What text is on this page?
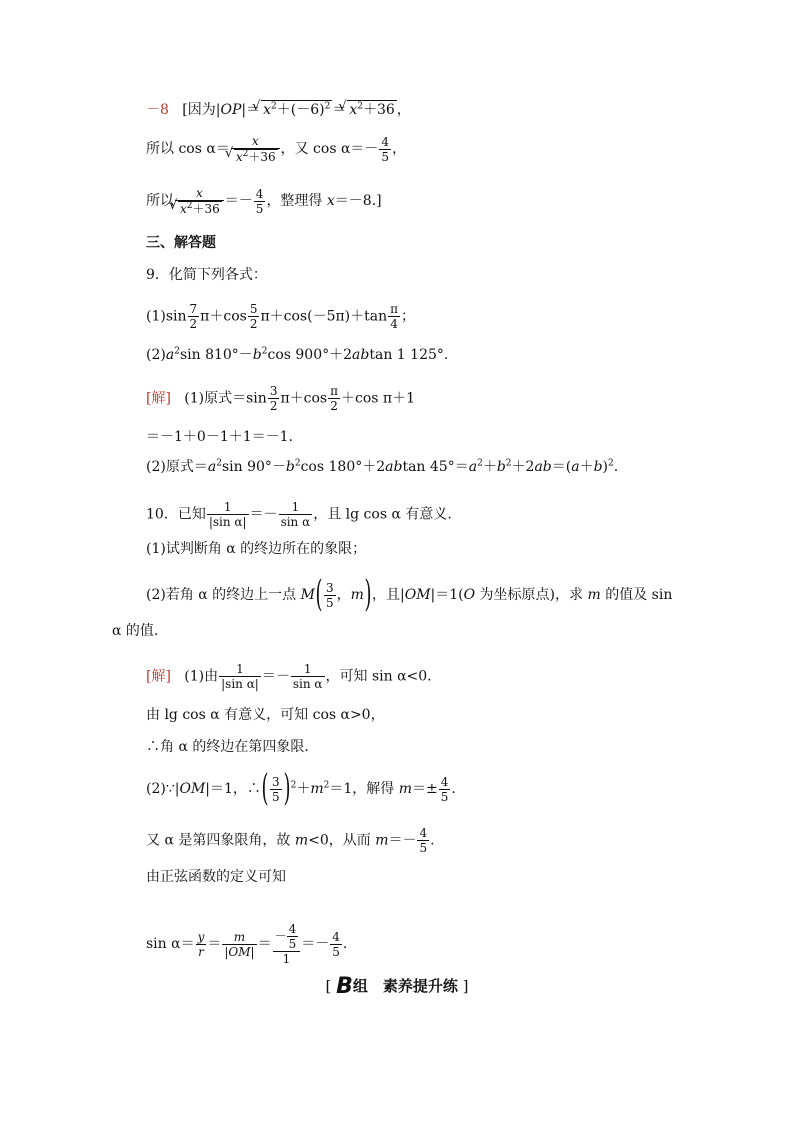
－8   [因为|OP|＝ √ $x^2+(-6)^2$ ＝ √ $x^2+36$ ，
所以 cos α＝ x
√ $x^2+36$ ，又 $\cos \alpha=- \frac{4}{5}$ ，
所以 x
√ $x^2+36 =- \frac{4}{5}$ ，整理得 x＝－8.]
三、解答题
9．化简下列各式：
$(1)\sin \frac{7}{2} \pi+\cos \frac{5}{2} \pi+\cos(-5\pi)+\tan \frac{\pi}{4}$ ；
$(2)a^2\sin$ $810^\circ-b^2\cos$ 900°＋2abtan 1 125°.
[解]   (1)原式$=\sin \frac{3}{2} \pi+\cos \frac{\pi}{2} +\cos$ π＋1
＝－1＋0－1＋1＝－1.
(2)原式$=a^2\sin$ $90^\circ-b^2\cos$ 180°＋2abtan $45^\circ=a^2+b^2+2ab=(a+b)^2$.
10．已知 $\frac{1}{\text{|sin α|}} =- \frac{1}{\text{sin α}}$ ，且 lg cos α 有意义.
(1)试判断角 α 的终边所在的象限；
(2)若角 α 的终边上一点 $M( \frac{3}{5}$ ，m)，且|OM|＝1(O 为坐标原点)，求 m 的值及 sin
α 的值.
[解]   (1)由 $\frac{1}{\text{|sin α|}} =- \frac{1}{\text{sin α}}$ ，可知 sin α<0.
由 lg cos α 有意义，可知 cos α>0，
∴角 α 的终边在第四象限.
(2)∵|OM|＝1，∴( $\frac{3}{5} )^2+m^2=1$，解得 $m=\pm \frac{4}{5}$ .
又 α 是第四象限角，故 m<0，从而 $m=- \frac{4}{5}$ .
由正弦函数的定义可知
$\sin \alpha= \frac{y}{r} = \frac{m}{|OM|} = \frac{- \frac{4}{5}}{1} =- \frac{4}{5}$ .
[ B组　素养提升练 ]
